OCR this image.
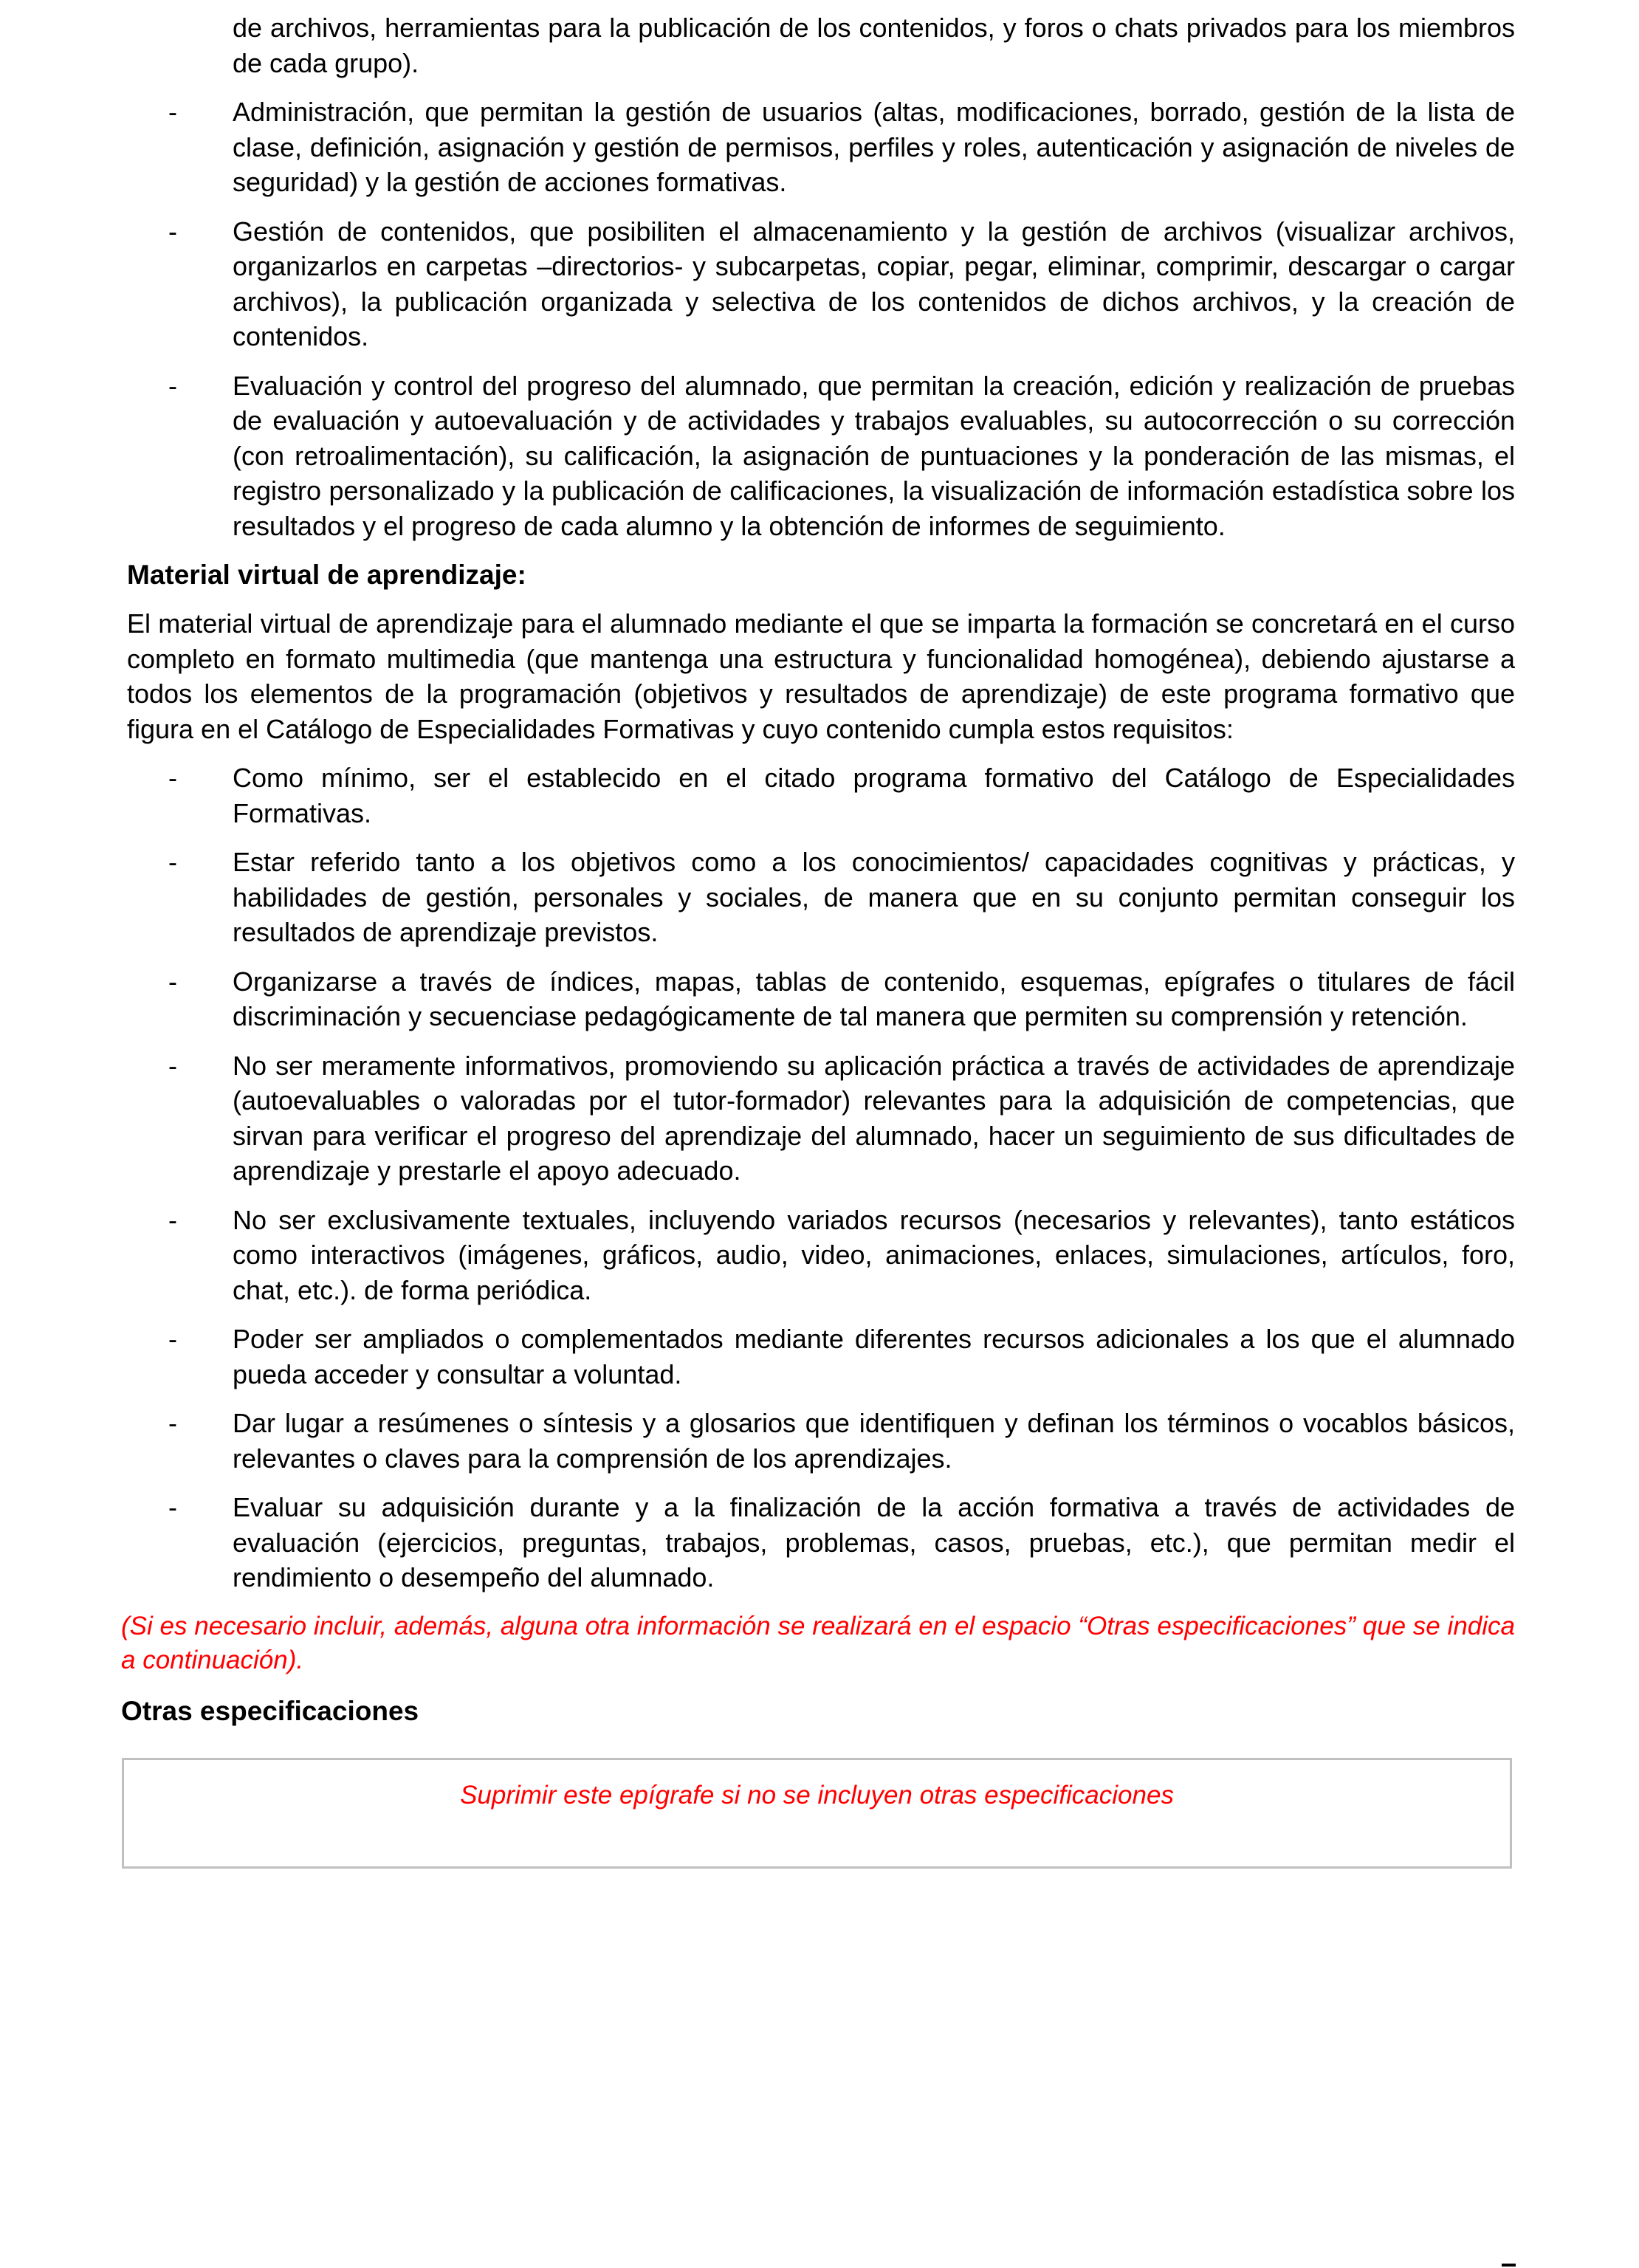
de archivos, herramientas para la publicación de los contenidos, y foros o chats privados para los miembros de cada grupo).
- Administración, que permitan la gestión de usuarios (altas, modificaciones, borrado, gestión de la lista de clase, definición, asignación y gestión de permisos, perfiles y roles, autenticación y asignación de niveles de seguridad) y la gestión de acciones formativas.
- Gestión de contenidos, que posibiliten el almacenamiento y la gestión de archivos (visualizar archivos, organizarlos en carpetas –directorios- y subcarpetas, copiar, pegar, eliminar, comprimir, descargar o cargar archivos), la publicación organizada y selectiva de los contenidos de dichos archivos, y la creación de contenidos.
- Evaluación y control del progreso del alumnado, que permitan la creación, edición y realización de pruebas de evaluación y autoevaluación y de actividades y trabajos evaluables, su autocorrección o su corrección (con retroalimentación), su calificación, la asignación de puntuaciones y la ponderación de las mismas, el registro personalizado y la publicación de calificaciones, la visualización de información estadística sobre los resultados y el progreso de cada alumno y la obtención de informes de seguimiento.
Material virtual de aprendizaje:

El material virtual de aprendizaje para el alumnado mediante el que se imparta la formación se concretará en el curso completo en formato multimedia (que mantenga una estructura y funcionalidad homogénea), debiendo ajustarse a todos los elementos de la programación (objetivos y resultados de aprendizaje) de este programa formativo que figura en el Catálogo de Especialidades Formativas y cuyo contenido cumpla estos requisitos:

- Como mínimo, ser el establecido en el citado programa formativo del Catálogo de Especialidades Formativas.
- Estar referido tanto a los objetivos como a los conocimientos/ capacidades cognitivas y prácticas, y habilidades de gestión, personales y sociales, de manera que en su conjunto permitan conseguir los resultados de aprendizaje previstos.
- Organizarse a través de índices, mapas, tablas de contenido, esquemas, epígrafes o titulares de fácil discriminación y secuenciase pedagógicamente de tal manera que permiten su comprensión y retención.
- No ser meramente informativos, promoviendo su aplicación práctica a través de actividades de aprendizaje (autoevaluables o valoradas por el tutor-formador) relevantes para la adquisición de competencias, que sirvan para verificar el progreso del aprendizaje del alumnado, hacer un seguimiento de sus dificultades de aprendizaje y prestarle el apoyo adecuado.
- No ser exclusivamente textuales, incluyendo variados recursos (necesarios y relevantes), tanto estáticos como interactivos (imágenes, gráficos, audio, video, animaciones, enlaces, simulaciones, artículos, foro, chat, etc.). de forma periódica.
- Poder ser ampliados o complementados mediante diferentes recursos adicionales a los que el alumnado pueda acceder y consultar a voluntad.
- Dar lugar a resúmenes o síntesis y a glosarios que identifiquen y definan los términos o vocablos básicos, relevantes o claves para la comprensión de los aprendizajes.
- Evaluar su adquisición durante y a la finalización de la acción formativa a través de actividades de evaluación (ejercicios, preguntas, trabajos, problemas, casos, pruebas, etc.), que permitan medir el rendimiento o desempeño del alumnado.

(Si es necesario incluir, además, alguna otra información se realizará en el espacio “Otras especificaciones” que se indica a continuación).

Otras especificaciones
Suprimir este epígrafe si no se incluyen otras especificaciones
